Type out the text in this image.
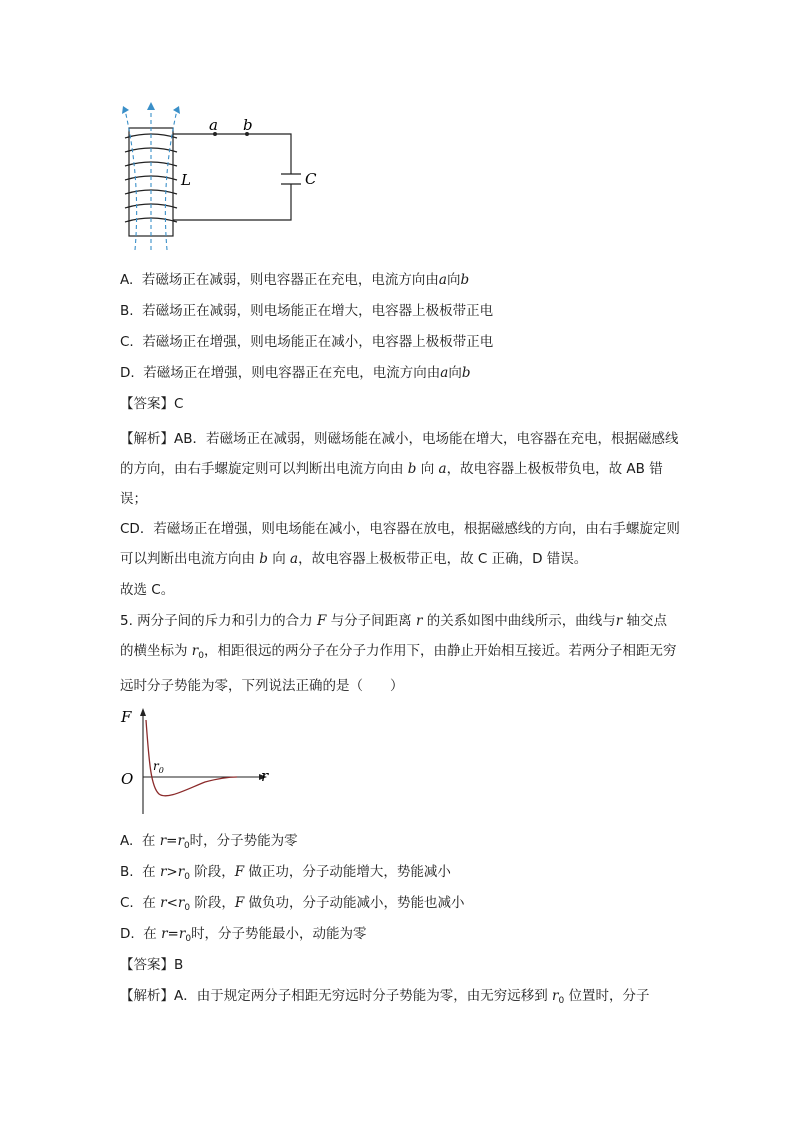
a b
L	C
A. 若磁场正在减弱，则电容器正在充电，电流方向由a向b
B. 若磁场正在减弱，则电场能正在增大，电容器上极板带正电
C. 若磁场正在增强，则电场能正在减小，电容器上极板带正电
D. 若磁场正在增强，则电容器正在充电，电流方向由a向b
【答案】C
【解析】AB．若磁场正在减弱，则磁场能在减小，电场能在增大，电容器在充电，根据磁感线的方向，由右手螺旋定则可以判断出电流方向由 b 向 a，故电容器上极板带负电，故 AB 错误；
CD．若磁场正在增强，则电场能在减小，电容器在放电，根据磁感线的方向，由右手螺旋定则可以判断出电流方向由 b 向 a，故电容器上极板带正电，故 C 正确，D 错误。
故选 C。
5. 两分子间的斥力和引力的合力 F 与分子间距离 r 的关系如图中曲线所示，曲线与r 轴交点的横坐标为 $r_0$，相距很远的两分子在分子力作用下，由静止开始相互接近。若两分子相距无穷远时分子势能为零，下列说法正确的是（　　）
F
O	r
$r_0$
A. 在 $r=r_0$时，分子势能为零
B. 在 $r>r_0$ 阶段，F 做正功，分子动能增大，势能减小
C. 在 $r<r_0$ 阶段，F 做负功，分子动能减小，势能也减小
D. 在 $r=r_0$时，分子势能最小，动能为零
【答案】B
【解析】A．由于规定两分子相距无穷远时分子势能为零，由无穷远移到 $r_0$ 位置时，分子
